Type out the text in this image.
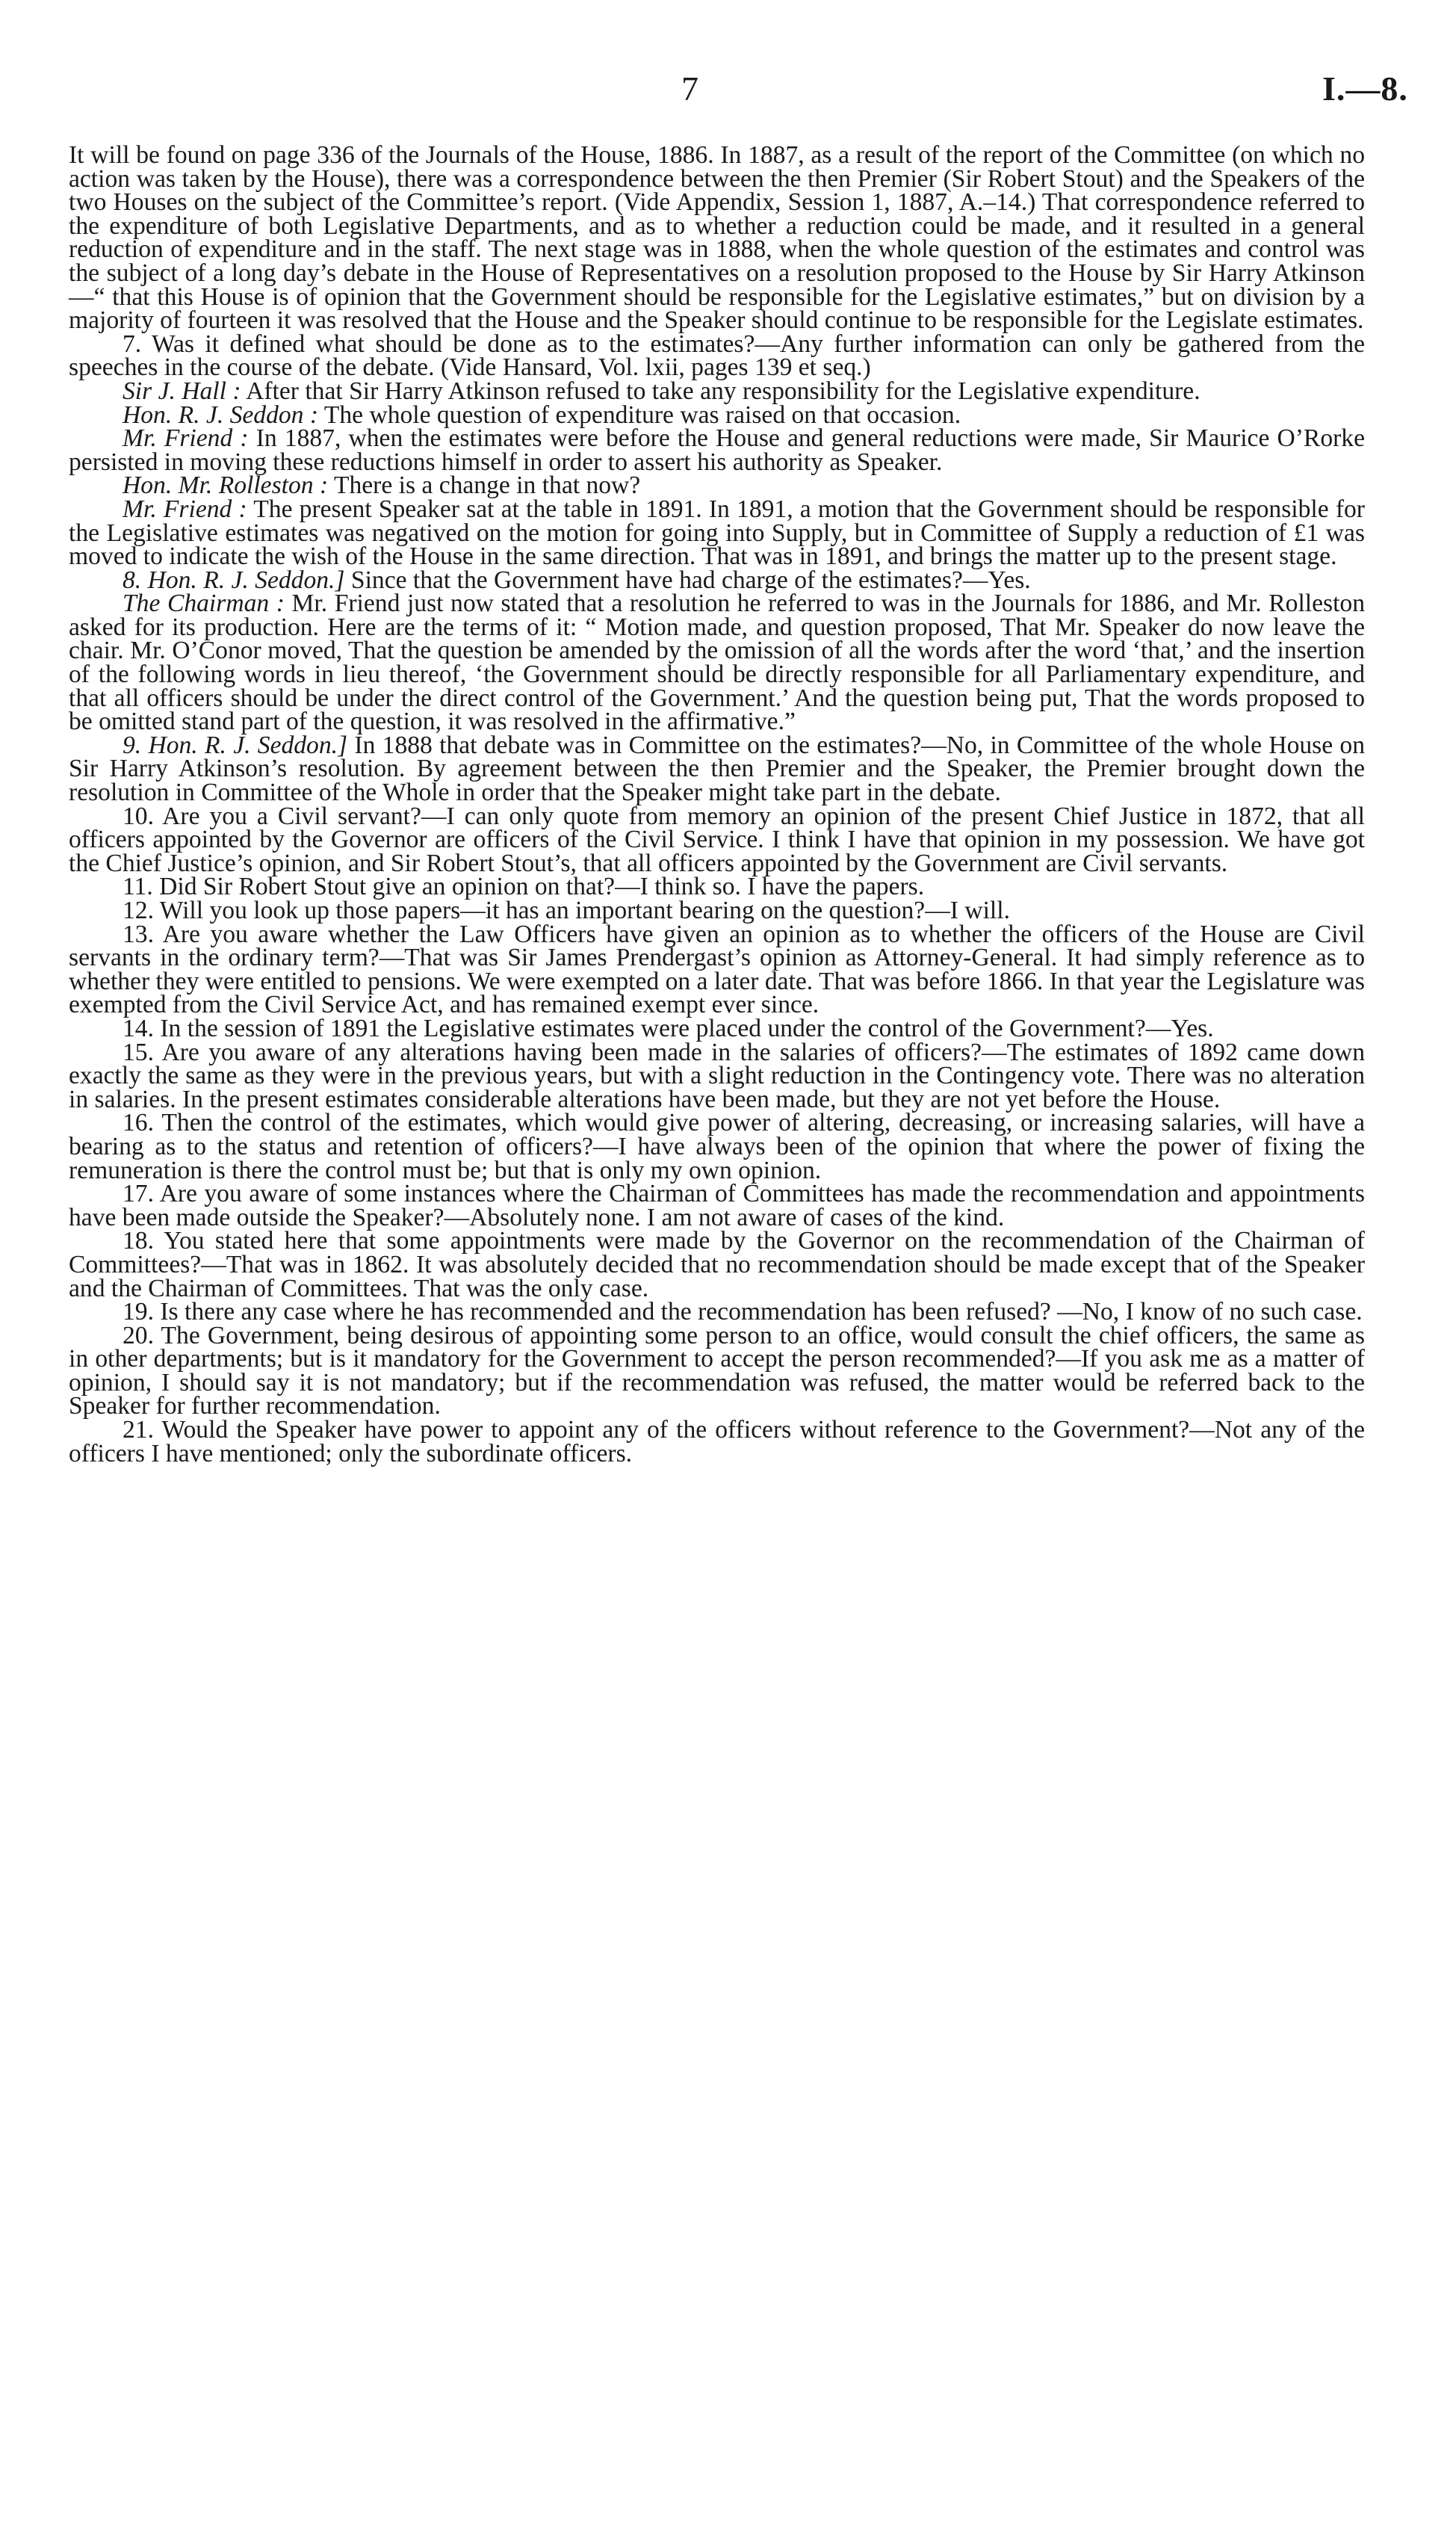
7	I.—8.

It will be found on page 336 of the Journals of the House, 1886. In 1887, as a result of the report of the Committee (on which no action was taken by the House), there was a correspondence between the then Premier (Sir Robert Stout) and the Speakers of the two Houses on the subject of the Committee’s report. (Vide Appendix, Session 1, 1887, A.–14.) That correspondence referred to the expenditure of both Legislative Departments, and as to whether a reduction could be made, and it resulted in a general reduction of expenditure and in the staff. The next stage was in 1888, when the whole question of the estimates and control was the subject of a long day’s debate in the House of Representatives on a resolution proposed to the House by Sir Harry Atkinson—“ that this House is of opinion that the Government should be responsible for the Legislative estimates,” but on division by a majority of fourteen it was resolved that the House and the Speaker should continue to be responsible for the Legislate estimates.

7. Was it defined what should be done as to the estimates?—Any further information can only be gathered from the speeches in the course of the debate. (Vide Hansard, Vol. lxii, pages 139 et seq.)

Sir J. Hall : After that Sir Harry Atkinson refused to take any responsibility for the Legislative expenditure.

Hon. R. J. Seddon : The whole question of expenditure was raised on that occasion.

Mr. Friend : In 1887, when the estimates were before the House and general reductions were made, Sir Maurice O’Rorke persisted in moving these reductions himself in order to assert his authority as Speaker.

Hon. Mr. Rolleston : There is a change in that now?

Mr. Friend : The present Speaker sat at the table in 1891. In 1891, a motion that the Government should be responsible for the Legislative estimates was negatived on the motion for going into Supply, but in Committee of Supply a reduction of £1 was moved to indicate the wish of the House in the same direction. That was in 1891, and brings the matter up to the present stage.

8. Hon. R. J. Seddon.] Since that the Government have had charge of the estimates?—Yes.

The Chairman : Mr. Friend just now stated that a resolution he referred to was in the Journals for 1886, and Mr. Rolleston asked for its production. Here are the terms of it: “ Motion made, and question proposed, That Mr. Speaker do now leave the chair. Mr. O’Conor moved, That the question be amended by the omission of all the words after the word ‘that,’ and the insertion of the following words in lieu thereof, ‘the Government should be directly responsible for all Parliamentary expenditure, and that all officers should be under the direct control of the Government.’ And the question being put, That the words proposed to be omitted stand part of the question, it was resolved in the affirmative.”

9. Hon. R. J. Seddon.] In 1888 that debate was in Committee on the estimates?—No, in Committee of the whole House on Sir Harry Atkinson’s resolution. By agreement between the then Premier and the Speaker, the Premier brought down the resolution in Committee of the Whole in order that the Speaker might take part in the debate.

10. Are you a Civil servant?—I can only quote from memory an opinion of the present Chief Justice in 1872, that all officers appointed by the Governor are officers of the Civil Service. I think I have that opinion in my possession. We have got the Chief Justice’s opinion, and Sir Robert Stout’s, that all officers appointed by the Government are Civil servants.

11. Did Sir Robert Stout give an opinion on that?—I think so. I have the papers.

12. Will you look up those papers—it has an important bearing on the question?—I will.

13. Are you aware whether the Law Officers have given an opinion as to whether the officers of the House are Civil servants in the ordinary term?—That was Sir James Prendergast’s opinion as Attorney-General. It had simply reference as to whether they were entitled to pensions. We were exempted on a later date. That was before 1866. In that year the Legislature was exempted from the Civil Service Act, and has remained exempt ever since.

14. In the session of 1891 the Legislative estimates were placed under the control of the Government?—Yes.

15. Are you aware of any alterations having been made in the salaries of officers?—The estimates of 1892 came down exactly the same as they were in the previous years, but with a slight reduction in the Contingency vote. There was no alteration in salaries. In the present estimates considerable alterations have been made, but they are not yet before the House.

16. Then the control of the estimates, which would give power of altering, decreasing, or increasing salaries, will have a bearing as to the status and retention of officers?—I have always been of the opinion that where the power of fixing the remuneration is there the control must be; but that is only my own opinion.

17. Are you aware of some instances where the Chairman of Committees has made the recommendation and appointments have been made outside the Speaker?—Absolutely none. I am not aware of cases of the kind.

18. You stated here that some appointments were made by the Governor on the recommendation of the Chairman of Committees?—That was in 1862. It was absolutely decided that no recommendation should be made except that of the Speaker and the Chairman of Committees. That was the only case.

19. Is there any case where he has recommended and the recommendation has been refused? —No, I know of no such case.

20. The Government, being desirous of appointing some person to an office, would consult the chief officers, the same as in other departments; but is it mandatory for the Government to accept the person recommended?—If you ask me as a matter of opinion, I should say it is not mandatory; but if the recommendation was refused, the matter would be referred back to the Speaker for further recommendation.

21. Would the Speaker have power to appoint any of the officers without reference to the Government?—Not any of the officers I have mentioned; only the subordinate officers.
